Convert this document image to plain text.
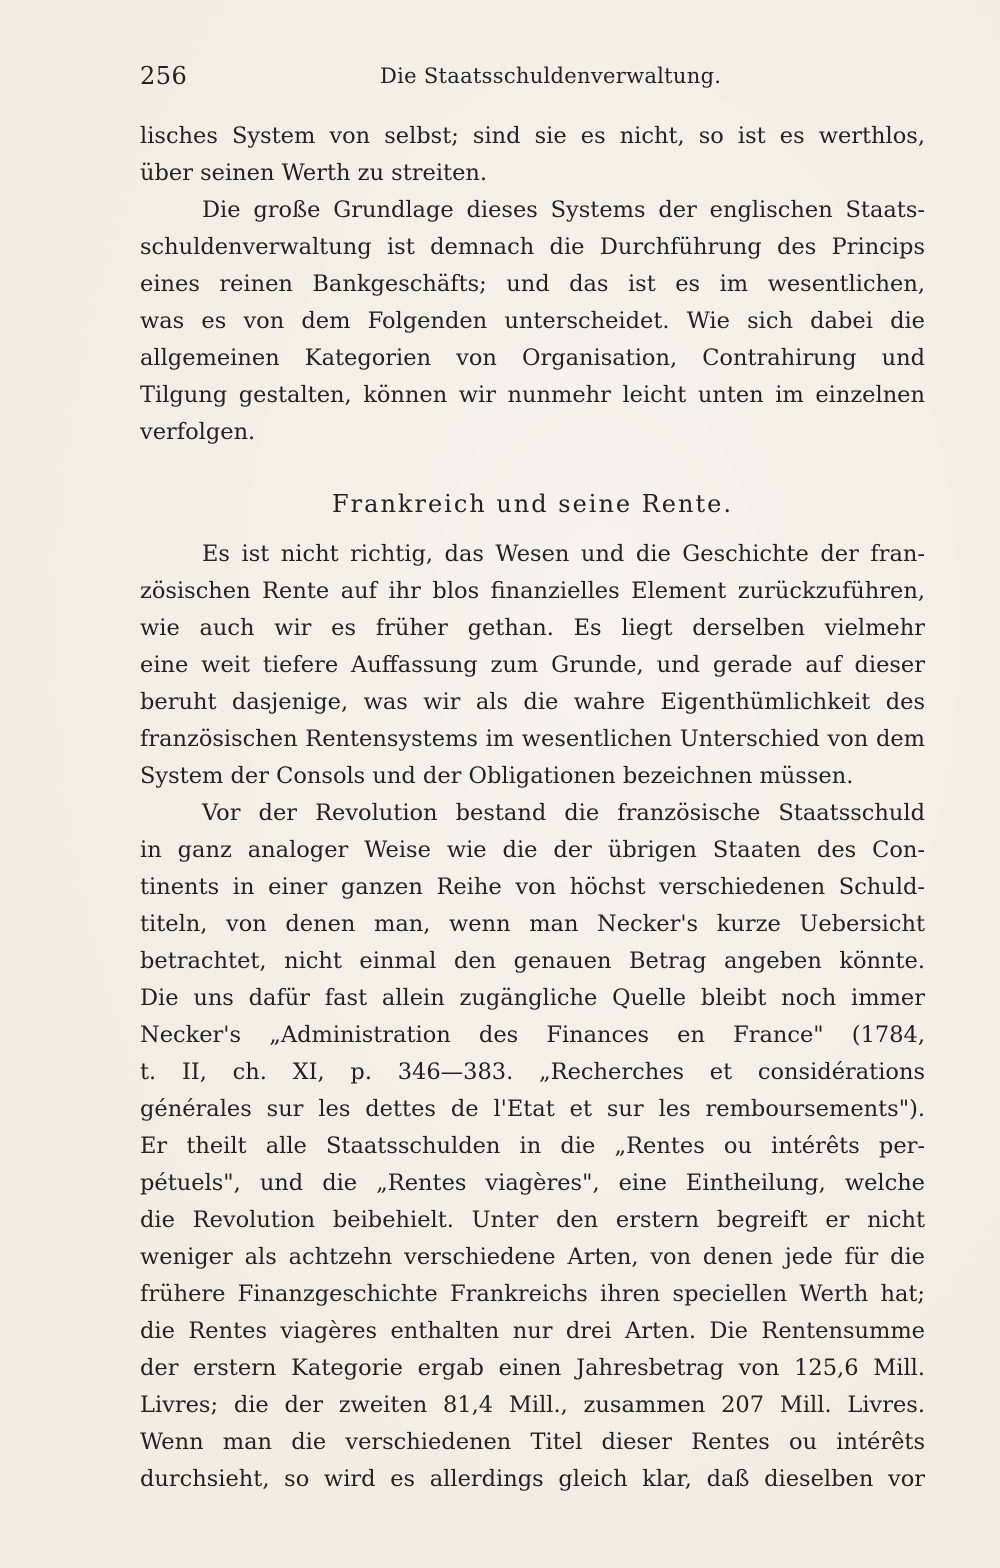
256	Die Staatsschuldenverwaltung.
lisches System von selbst; sind sie es nicht, so ist es werthlos,
über seinen Werth zu streiten.
Die große Grundlage dieses Systems der englischen Staats-
schuldenverwaltung ist demnach die Durchführung des Princips
eines reinen Bankgeschäfts; und das ist es im wesentlichen,
was es von dem Folgenden unterscheidet. Wie sich dabei die
allgemeinen Kategorien von Organisation, Contrahirung und
Tilgung gestalten, können wir nunmehr leicht unten im einzelnen
verfolgen.
Frankreich und seine Rente.
Es ist nicht richtig, das Wesen und die Geschichte der fran-
zösischen Rente auf ihr blos finanzielles Element zurückzuführen,
wie auch wir es früher gethan. Es liegt derselben vielmehr
eine weit tiefere Auffassung zum Grunde, und gerade auf dieser
beruht dasjenige, was wir als die wahre Eigenthümlichkeit des
französischen Rentensystems im wesentlichen Unterschied von dem
System der Consols und der Obligationen bezeichnen müssen.
Vor der Revolution bestand die französische Staatsschuld
in ganz analoger Weise wie die der übrigen Staaten des Con-
tinents in einer ganzen Reihe von höchst verschiedenen Schuld-
titeln, von denen man, wenn man Necker's kurze Uebersicht
betrachtet, nicht einmal den genauen Betrag angeben könnte.
Die uns dafür fast allein zugängliche Quelle bleibt noch immer
Necker's „Administration des Finances en France" (1784,
t. II, ch. XI, p. 346—383. „Recherches et considérations
générales sur les dettes de l'Etat et sur les remboursements").
Er theilt alle Staatsschulden in die „Rentes ou intérêts per-
pétuels", und die „Rentes viagères", eine Eintheilung, welche
die Revolution beibehielt. Unter den erstern begreift er nicht
weniger als achtzehn verschiedene Arten, von denen jede für die
frühere Finanzgeschichte Frankreichs ihren speciellen Werth hat;
die Rentes viagères enthalten nur drei Arten. Die Rentensumme
der erstern Kategorie ergab einen Jahresbetrag von 125,6 Mill.
Livres; die der zweiten 81,4 Mill., zusammen 207 Mill. Livres.
Wenn man die verschiedenen Titel dieser Rentes ou intérêts
durchsieht, so wird es allerdings gleich klar, daß dieselben vor
